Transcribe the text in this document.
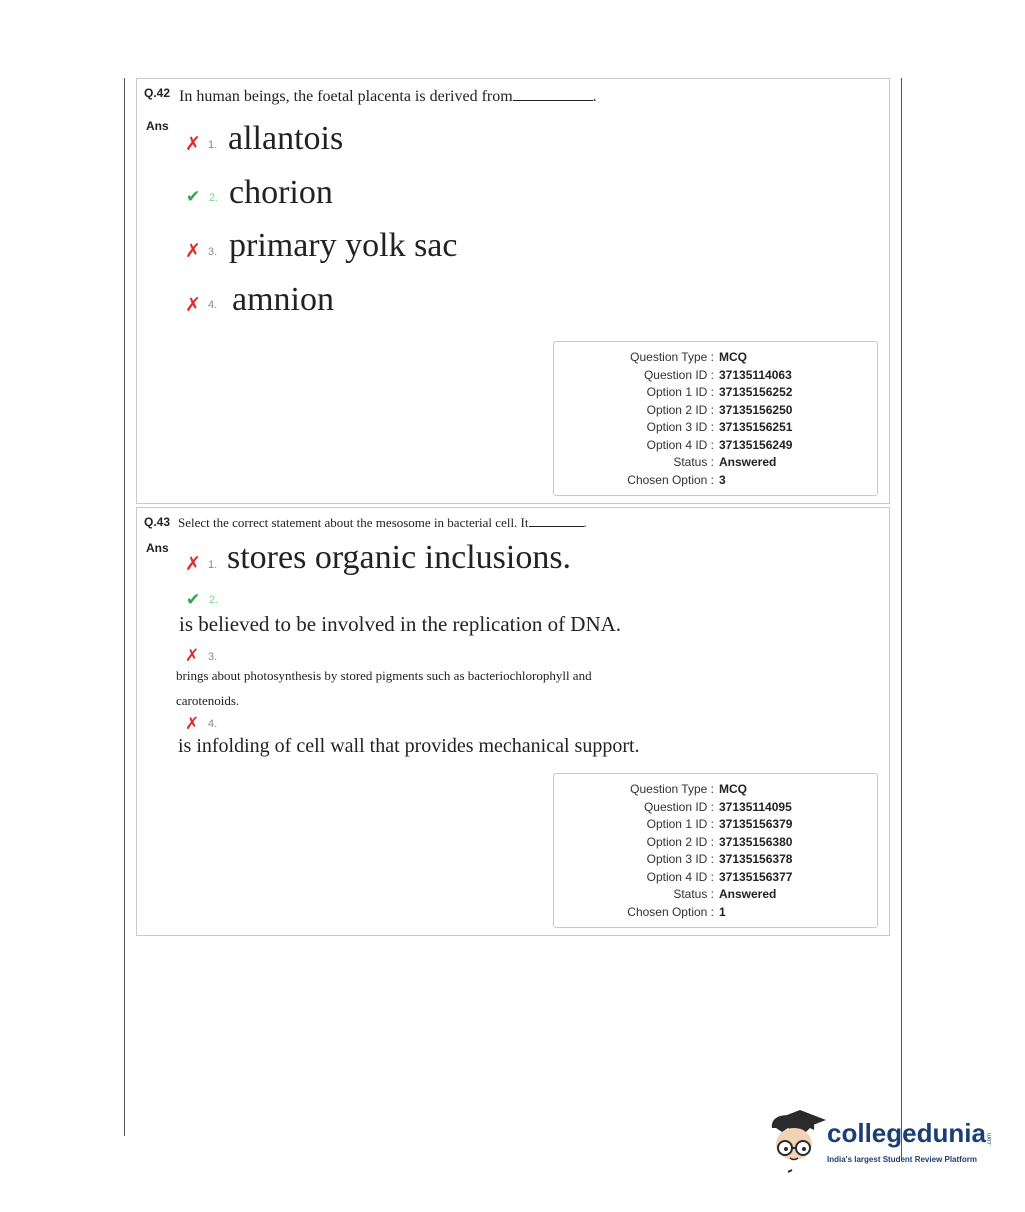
Q.42 In human beings, the foetal placenta is derived from	.
Ans
✗ 1. allantois
✔ 2. chorion
✗ 3. primary yolk sac
✗ 4. amnion
Question Type : MCQ
Question ID : 37135114063
Option 1 ID : 37135156252
Option 2 ID : 37135156250
Option 3 ID : 37135156251
Option 4 ID : 37135156249
Status : Answered
Chosen Option : 3
Q.43 Select the correct statement about the mesosome in bacterial cell. It	.
Ans
✗ 1. stores organic inclusions.
✔ 2.
is believed to be involved in the replication of DNA.
✗ 3.
brings about photosynthesis by stored pigments such as bacteriochlorophyll and
carotenoids.
✗ 4.
is infolding of cell wall that provides mechanical support.
Question Type : MCQ
Question ID : 37135114095
Option 1 ID : 37135156379
Option 2 ID : 37135156380
Option 3 ID : 37135156378
Option 4 ID : 37135156377
Status : Answered
Chosen Option : 1
collegedunia .com
India's largest Student Review Platform
